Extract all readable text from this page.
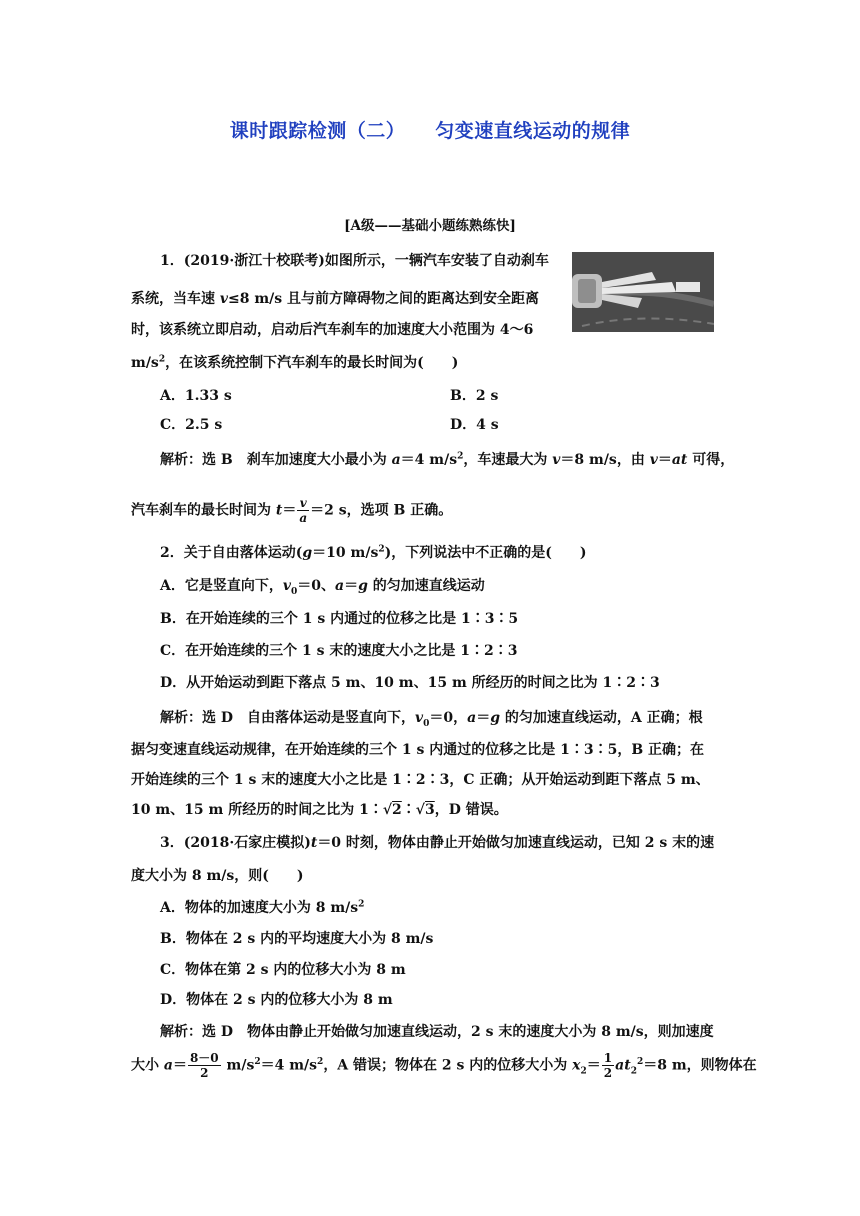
课时跟踪检测（二） 匀变速直线运动的规律
[A级——基础小题练熟练快]
1．(2019·浙江十校联考)如图所示，一辆汽车安装了自动刹车
系统，当车速 v≤8 m/s 且与前方障碍物之间的距离达到安全距离
时，该系统立即启动，启动后汽车刹车的加速度大小范围为 4～6
$m/s^2$，在该系统控制下汽车刹车的最长时间为(　　)
A．1.33 s	B．2 s
C．2.5 s	D．4 s
解析：选 B　刹车加速度大小最小为 a＝4 $m/s^2$，车速最大为 v＝8 m/s，由 v＝at 可得，
汽车刹车的最长时间为 $t= \frac{v}{a} =2$ s，选项 B 正确。
2．关于自由落体运动(g＝10 $m/s^2$)，下列说法中不正确的是(　　)
A．它是竖直向下，$v_0=0$、a＝g 的匀加速直线运动
B．在开始连续的三个 1 s 内通过的位移之比是 1∶3∶5
C．在开始连续的三个 1 s 末的速度大小之比是 1∶2∶3
D．从开始运动到距下落点 5 m、10 m、15 m 所经历的时间之比为 1∶2∶3
解析：选 D　自由落体运动是竖直向下，$v_0=0$，a＝g 的匀加速直线运动，A 正确；根
据匀变速直线运动规律，在开始连续的三个 1 s 内通过的位移之比是 1∶3∶5，B 正确；在
开始连续的三个 1 s 末的速度大小之比是 1∶2∶3，C 正确；从开始运动到距下落点 5 m、
10 m、15 m 所经历的时间之比为 1∶√2∶√3，D 错误。
3．(2018·石家庄模拟)t＝0 时刻，物体由静止开始做匀加速直线运动，已知 2 s 末的速
度大小为 8 m/s，则(　　)
A．物体的加速度大小为 8 $m/s^2$
B．物体在 2 s 内的平均速度大小为 8 m/s
C．物体在第 2 s 内的位移大小为 8 m
D．物体在 2 s 内的位移大小为 8 m
解析：选 D　物体由静止开始做匀加速直线运动，2 s 末的速度大小为 8 m/s，则加速度
大小 $a= \frac{8-0}{2} m/s^2=4$ $m/s^2$，A 错误；物体在 2 s 内的位移大小为 $x_2= \frac{1}{2} at_2^2=8$ m，则物体在
